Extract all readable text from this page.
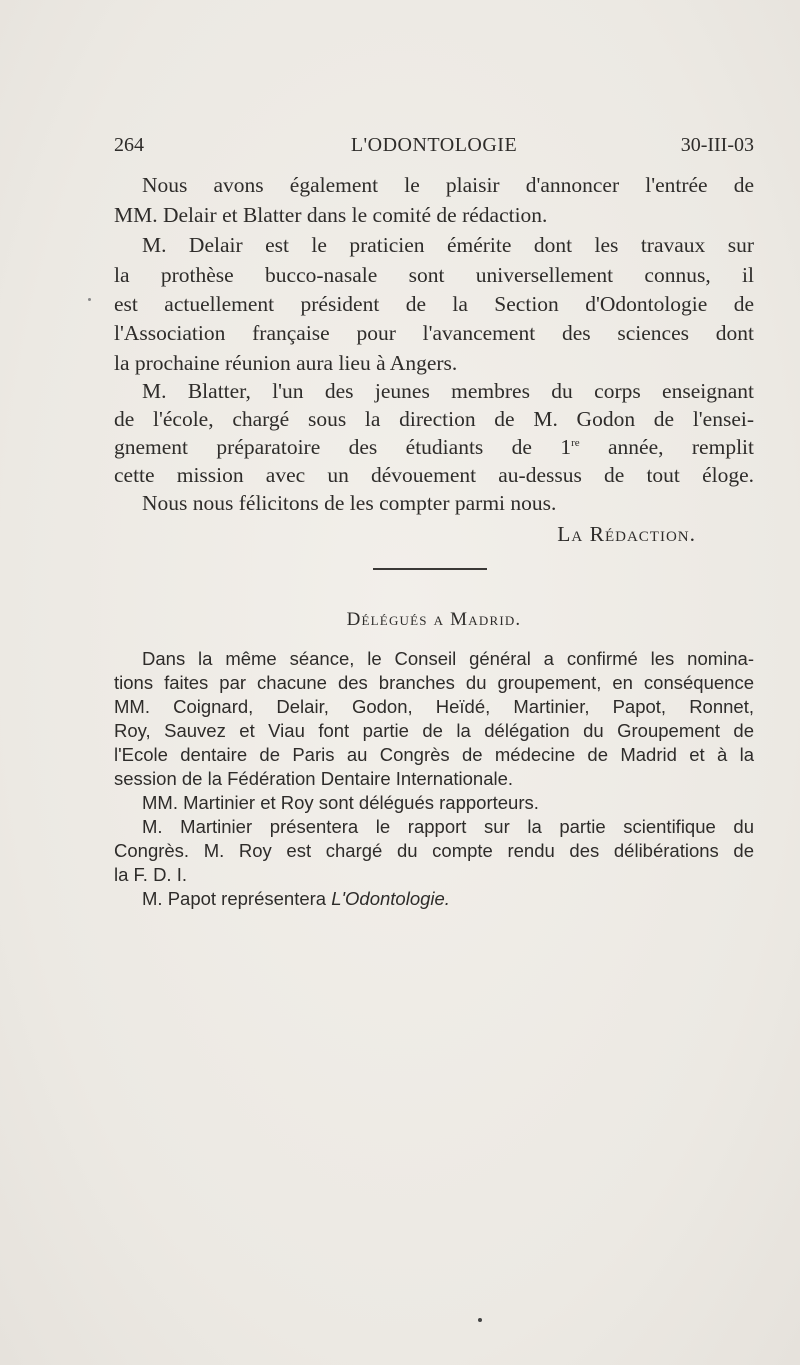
264	L'ODONTOLOGIE	30-III-03
Nous avons également le plaisir d'annoncer l'entrée de
MM. Delair et Blatter dans le comité de rédaction.
M. Delair est le praticien émérite dont les travaux sur
la prothèse bucco-nasale sont universellement connus, il
est actuellement président de la Section d'Odontologie de
l'Association française pour l'avancement des sciences dont
la prochaine réunion aura lieu à Angers.
M. Blatter, l'un des jeunes membres du corps enseignant
de l'école, chargé sous la direction de M. Godon de l'ensei-
gnement préparatoire des étudiants de 1re année, remplit
cette mission avec un dévouement au-dessus de tout éloge.
Nous nous félicitons de les compter parmi nous.
La Rédaction.
Délégués a Madrid.
Dans la même séance, le Conseil général a confirmé les nomina-
tions faites par chacune des branches du groupement, en conséquence
MM. Coignard, Delair, Godon, Heïdé, Martinier, Papot, Ronnet,
Roy, Sauvez et Viau font partie de la délégation du Groupement de
l'Ecole dentaire de Paris au Congrès de médecine de Madrid et à la
session de la Fédération Dentaire Internationale.
MM. Martinier et Roy sont délégués rapporteurs.
M. Martinier présentera le rapport sur la partie scientifique du
Congrès. M. Roy est chargé du compte rendu des délibérations de
la F. D. I.
M. Papot représentera L'Odontologie.
